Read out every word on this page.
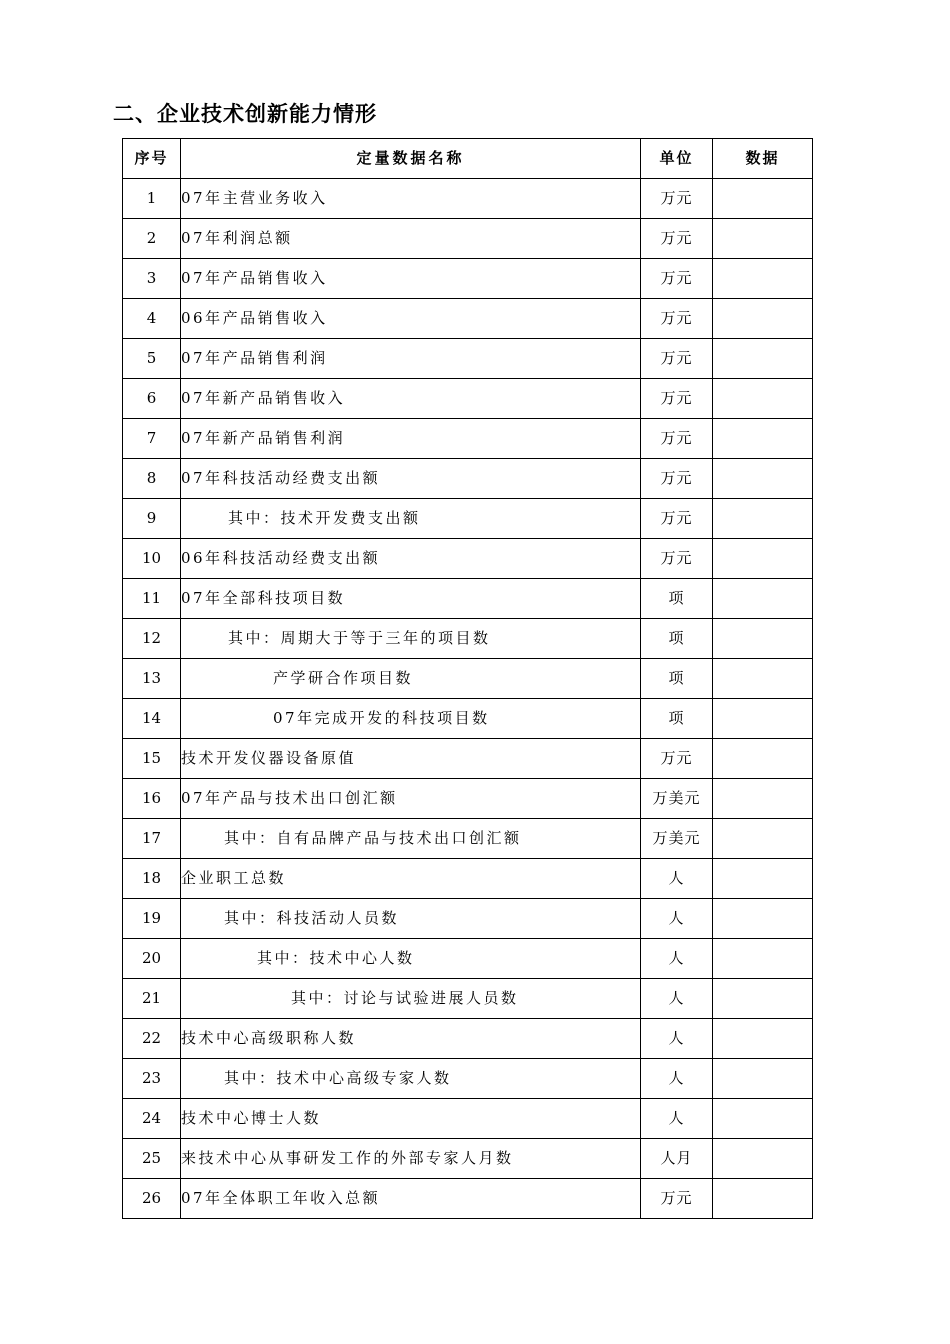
二、企业技术创新能力情形
序号	定量数据名称	单位	数据
1	07年主营业务收入	万元	
2	07年利润总额	万元	
3	07年产品销售收入	万元	
4	06年产品销售收入	万元	
5	07年产品销售利润	万元	
6	07年新产品销售收入	万元	
7	07年新产品销售利润	万元	
8	07年科技活动经费支出额	万元	
9	其中：技术开发费支出额	万元	
10	06年科技活动经费支出额	万元	
11	07年全部科技项目数	项	
12	其中：周期大于等于三年的项目数	项	
13	产学研合作项目数	项	
14	07年完成开发的科技项目数	项	
15	技术开发仪器设备原值	万元	
16	07年产品与技术出口创汇额	万美元	
17	其中：自有品牌产品与技术出口创汇额	万美元	
18	企业职工总数	人	
19	其中：科技活动人员数	人	
20	其中：技术中心人数	人	
21	其中：讨论与试验进展人员数	人	
22	技术中心高级职称人数	人	
23	其中：技术中心高级专家人数	人	
24	技术中心博士人数	人	
25	来技术中心从事研发工作的外部专家人月数	人月	
26	07年全体职工年收入总额	万元	
